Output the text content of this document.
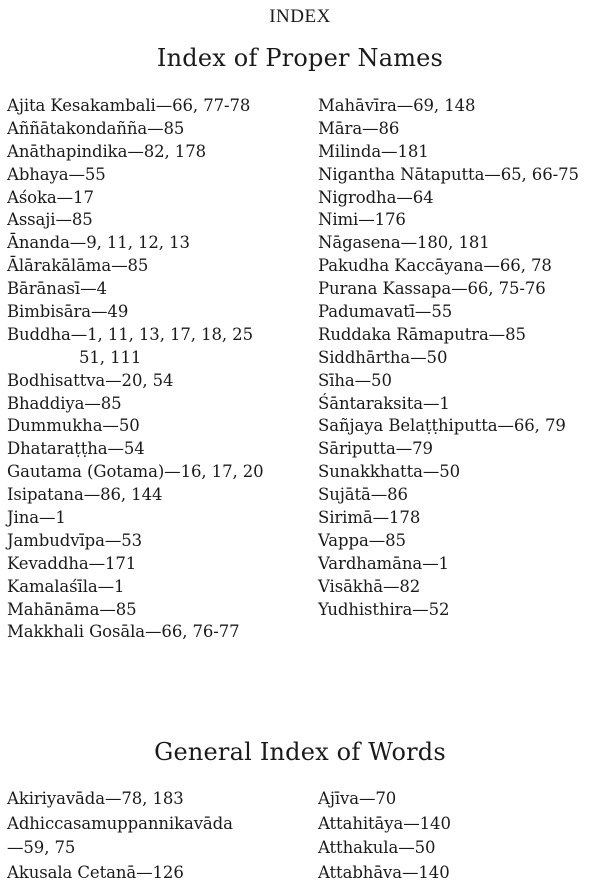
INDEX
Index of Proper Names
Ajita Kesakambali—66, 77-78
Aññātakondañña—85
Anāthapindika—82, 178
Abhaya—55
Aśoka—17
Assaji—85
Ānanda—9, 11, 12, 13
Ālārakālāma—85
Bārānasī—4
Bimbisāra—49
Buddha—1, 11, 13, 17, 18, 25
51, 111
Bodhisattva—20, 54
Bhaddiya—85
Dummukha—50
Dhataraṭṭha—54
Gautama (Gotama)—16, 17, 20
Isipatana—86, 144
Jina—1
Jambudvīpa—53
Kevaddha—171
Kamalaśīla—1
Mahānāma—85
Makkhali Gosāla—66, 76-77
Mahāvīra—69, 148
Māra—86
Milinda—181
Nigantha Nātaputta—65, 66-75
Nigrodha—64
Nimi—176
Nāgasena—180, 181
Pakudha Kaccāyana—66, 78
Purana Kassapa—66, 75-76
Padumavatī—55
Ruddaka Rāmaputra—85
Siddhārtha—50
Sīha—50
Śāntaraksita—1
Sañjaya Belaṭṭhiputta—66, 79
Sāriputta—79
Sunakkhatta—50
Sujātā—86
Sirimā—178
Vappa—85
Vardhamāna—1
Visākhā—82
Yudhisthira—52
General Index of Words
Akiriyavāda—78, 183
Adhiccasamuppannikavāda
—59, 75
Akusala Cetanā—126
Ajīva—70
Attahitāya—140
Atthakula—50
Attabhāva—140
